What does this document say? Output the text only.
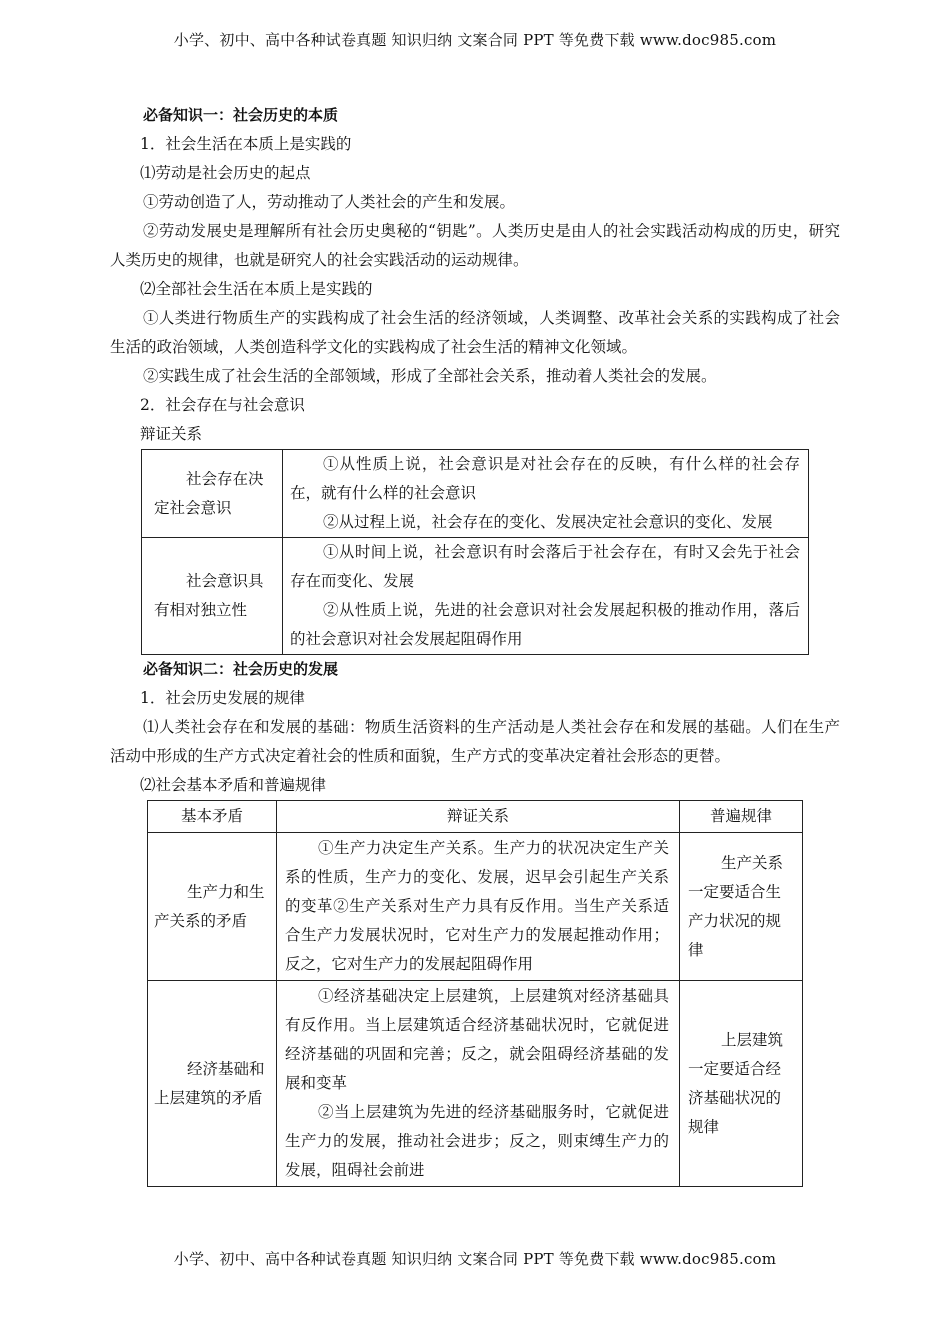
小学、初中、高中各种试卷真题 知识归纳 文案合同 PPT 等免费下载 www.doc985.com
必备知识一：社会历史的本质
1．社会生活在本质上是实践的
⑴劳动是社会历史的起点
①劳动创造了人，劳动推动了人类社会的产生和发展。
②劳动发展史是理解所有社会历史奥秘的“钥匙”。人类历史是由人的社会实践活动构成的历史，研究人类历史的规律，也就是研究人的社会实践活动的运动规律。
⑵全部社会生活在本质上是实践的
①人类进行物质生产的实践构成了社会生活的经济领域，人类调整、改革社会关系的实践构成了社会生活的政治领域，人类创造科学文化的实践构成了社会生活的精神文化领域。
②实践生成了社会生活的全部领域，形成了全部社会关系，推动着人类社会的发展。
2．社会存在与社会意识
辩证关系
社会存在决定社会意识	①从性质上说，社会意识是对社会存在的反映，有什么样的社会存在，就有什么样的社会意识
②从过程上说，社会存在的变化、发展决定社会意识的变化、发展

社会意识具有相对独立性	①从时间上说，社会意识有时会落后于社会存在，有时又会先于社会存在而变化、发展
②从性质上说，先进的社会意识对社会发展起积极的推动作用，落后的社会意识对社会发展起阻碍作用
必备知识二：社会历史的发展
1．社会历史发展的规律
⑴人类社会存在和发展的基础：物质生活资料的生产活动是人类社会存在和发展的基础。人们在生产活动中形成的生产方式决定着社会的性质和面貌，生产方式的变革决定着社会形态的更替。
⑵社会基本矛盾和普遍规律
基本矛盾	辩证关系	普遍规律

生产力和生产关系的矛盾	①生产力决定生产关系。生产力的状况决定生产关系的性质，生产力的变化、发展，迟早会引起生产关系的变革②生产关系对生产力具有反作用。当生产关系适合生产力发展状况时，它对生产力的发展起推动作用；反之，它对生产力的发展起阻碍作用	生产关系一定要适合生产力状况的规律

经济基础和上层建筑的矛盾	①经济基础决定上层建筑，上层建筑对经济基础具有反作用。当上层建筑适合经济基础状况时，它就促进经济基础的巩固和完善；反之，就会阻碍经济基础的发展和变革
②当上层建筑为先进的经济基础服务时，它就促进生产力的发展，推动社会进步；反之，则束缚生产力的发展，阻碍社会前进	上层建筑一定要适合经济基础状况的规律
小学、初中、高中各种试卷真题 知识归纳 文案合同 PPT 等免费下载 www.doc985.com
